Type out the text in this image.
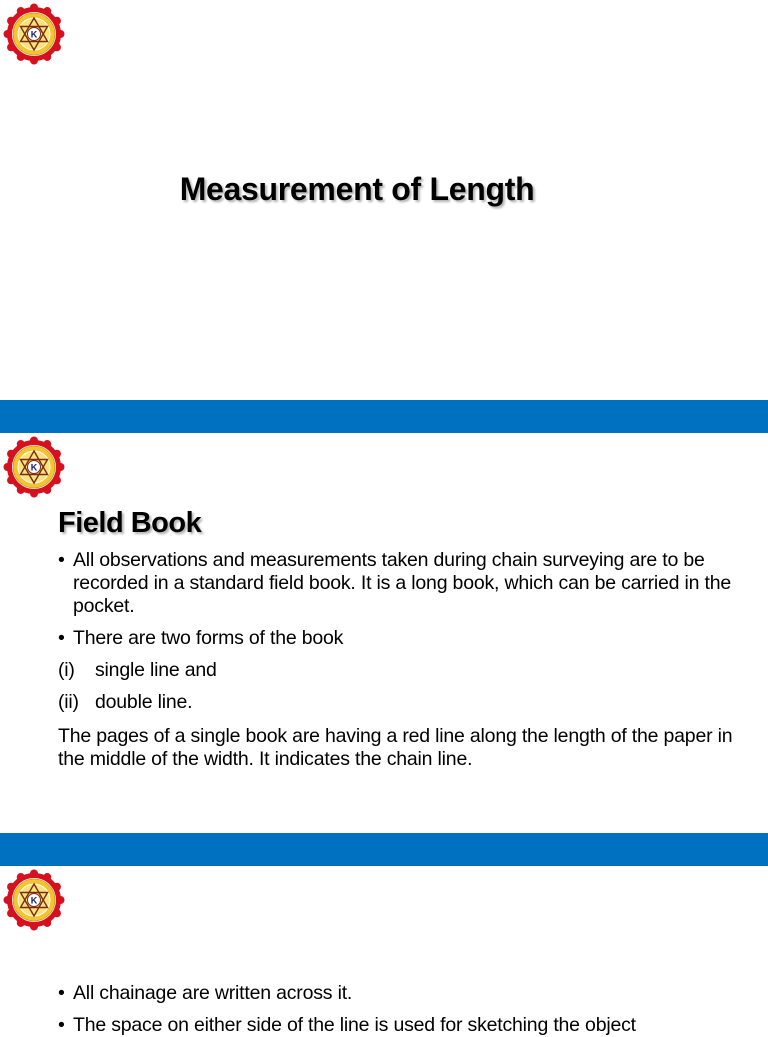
Measurement of Length
Field Book
• All observations and measurements taken during chain surveying are to be recorded in a standard field book. It is a long book, which can be carried in the pocket.
• There are two forms of the book
(i) single line and
(ii) double line.
The pages of a single book are having a red line along the length of the paper in the middle of the width. It indicates the chain line.
• All chainage are written across it.
• The space on either side of the line is used for sketching the object
